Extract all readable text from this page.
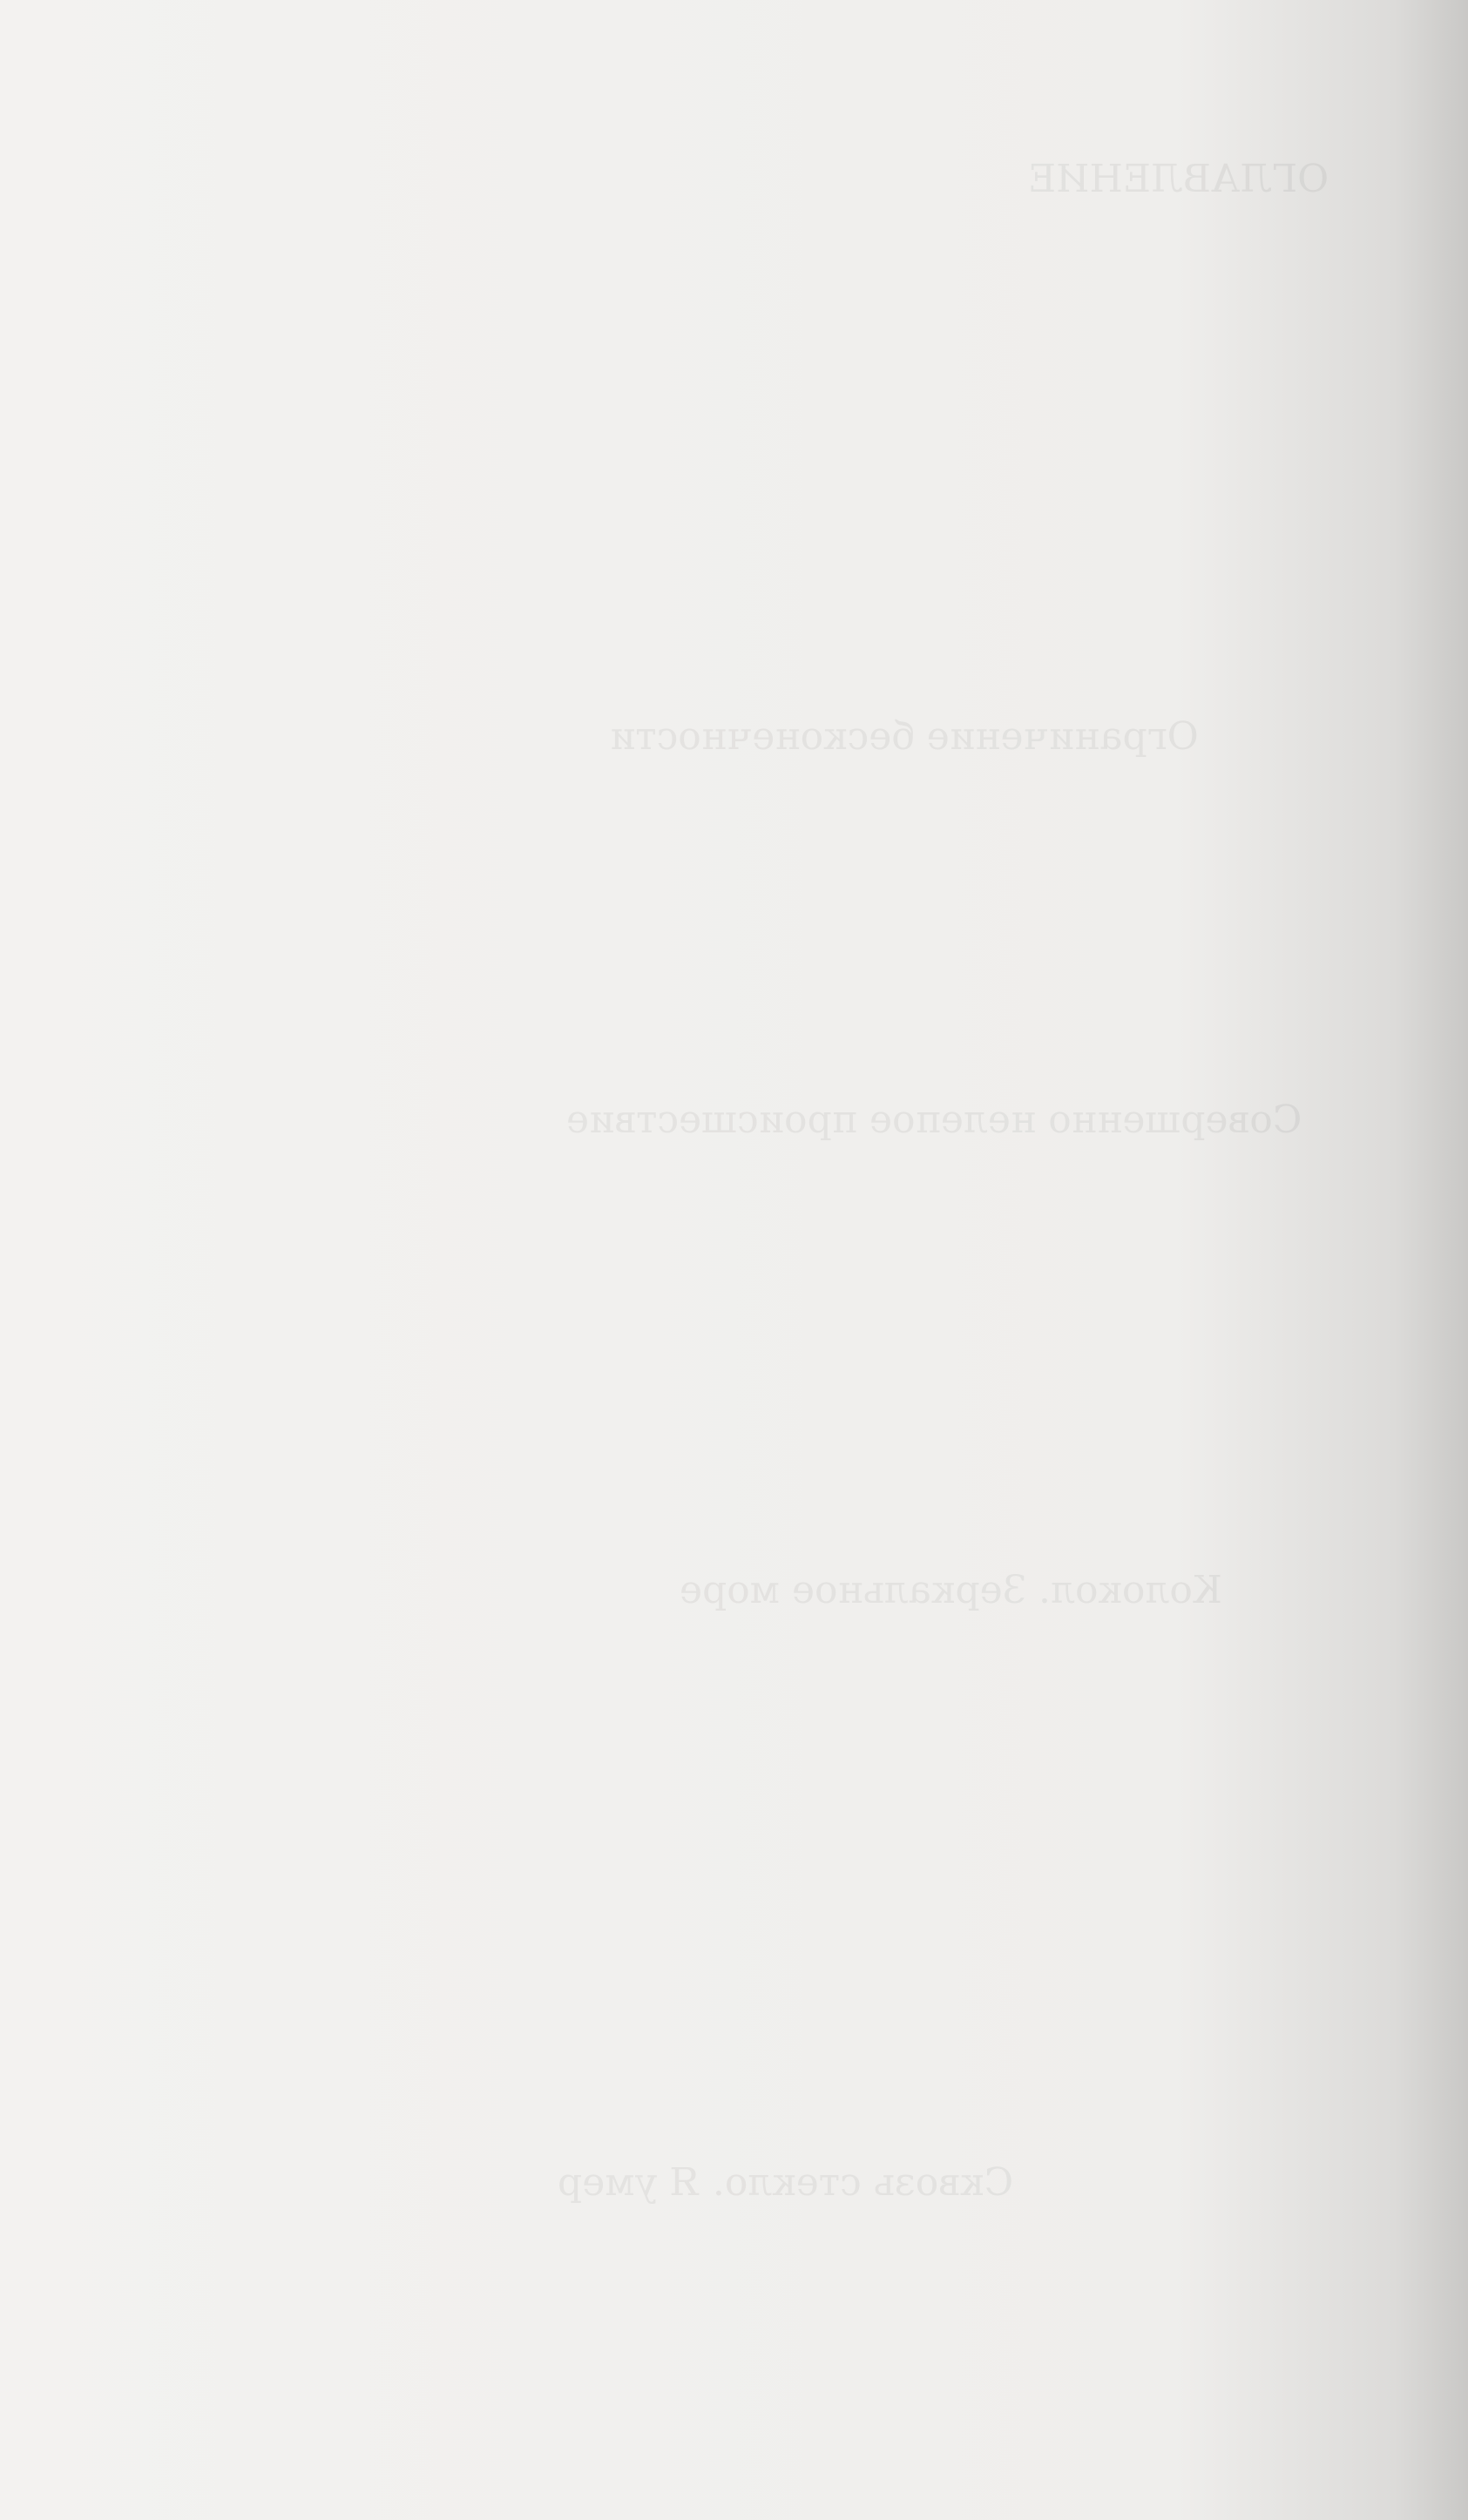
ОГЛАВЛЕНИЕ
Ограничение бесконечности
Совершенно нелепое происшествие
Колокол. Зеркальное море
Сквозь стекло. Я умер
